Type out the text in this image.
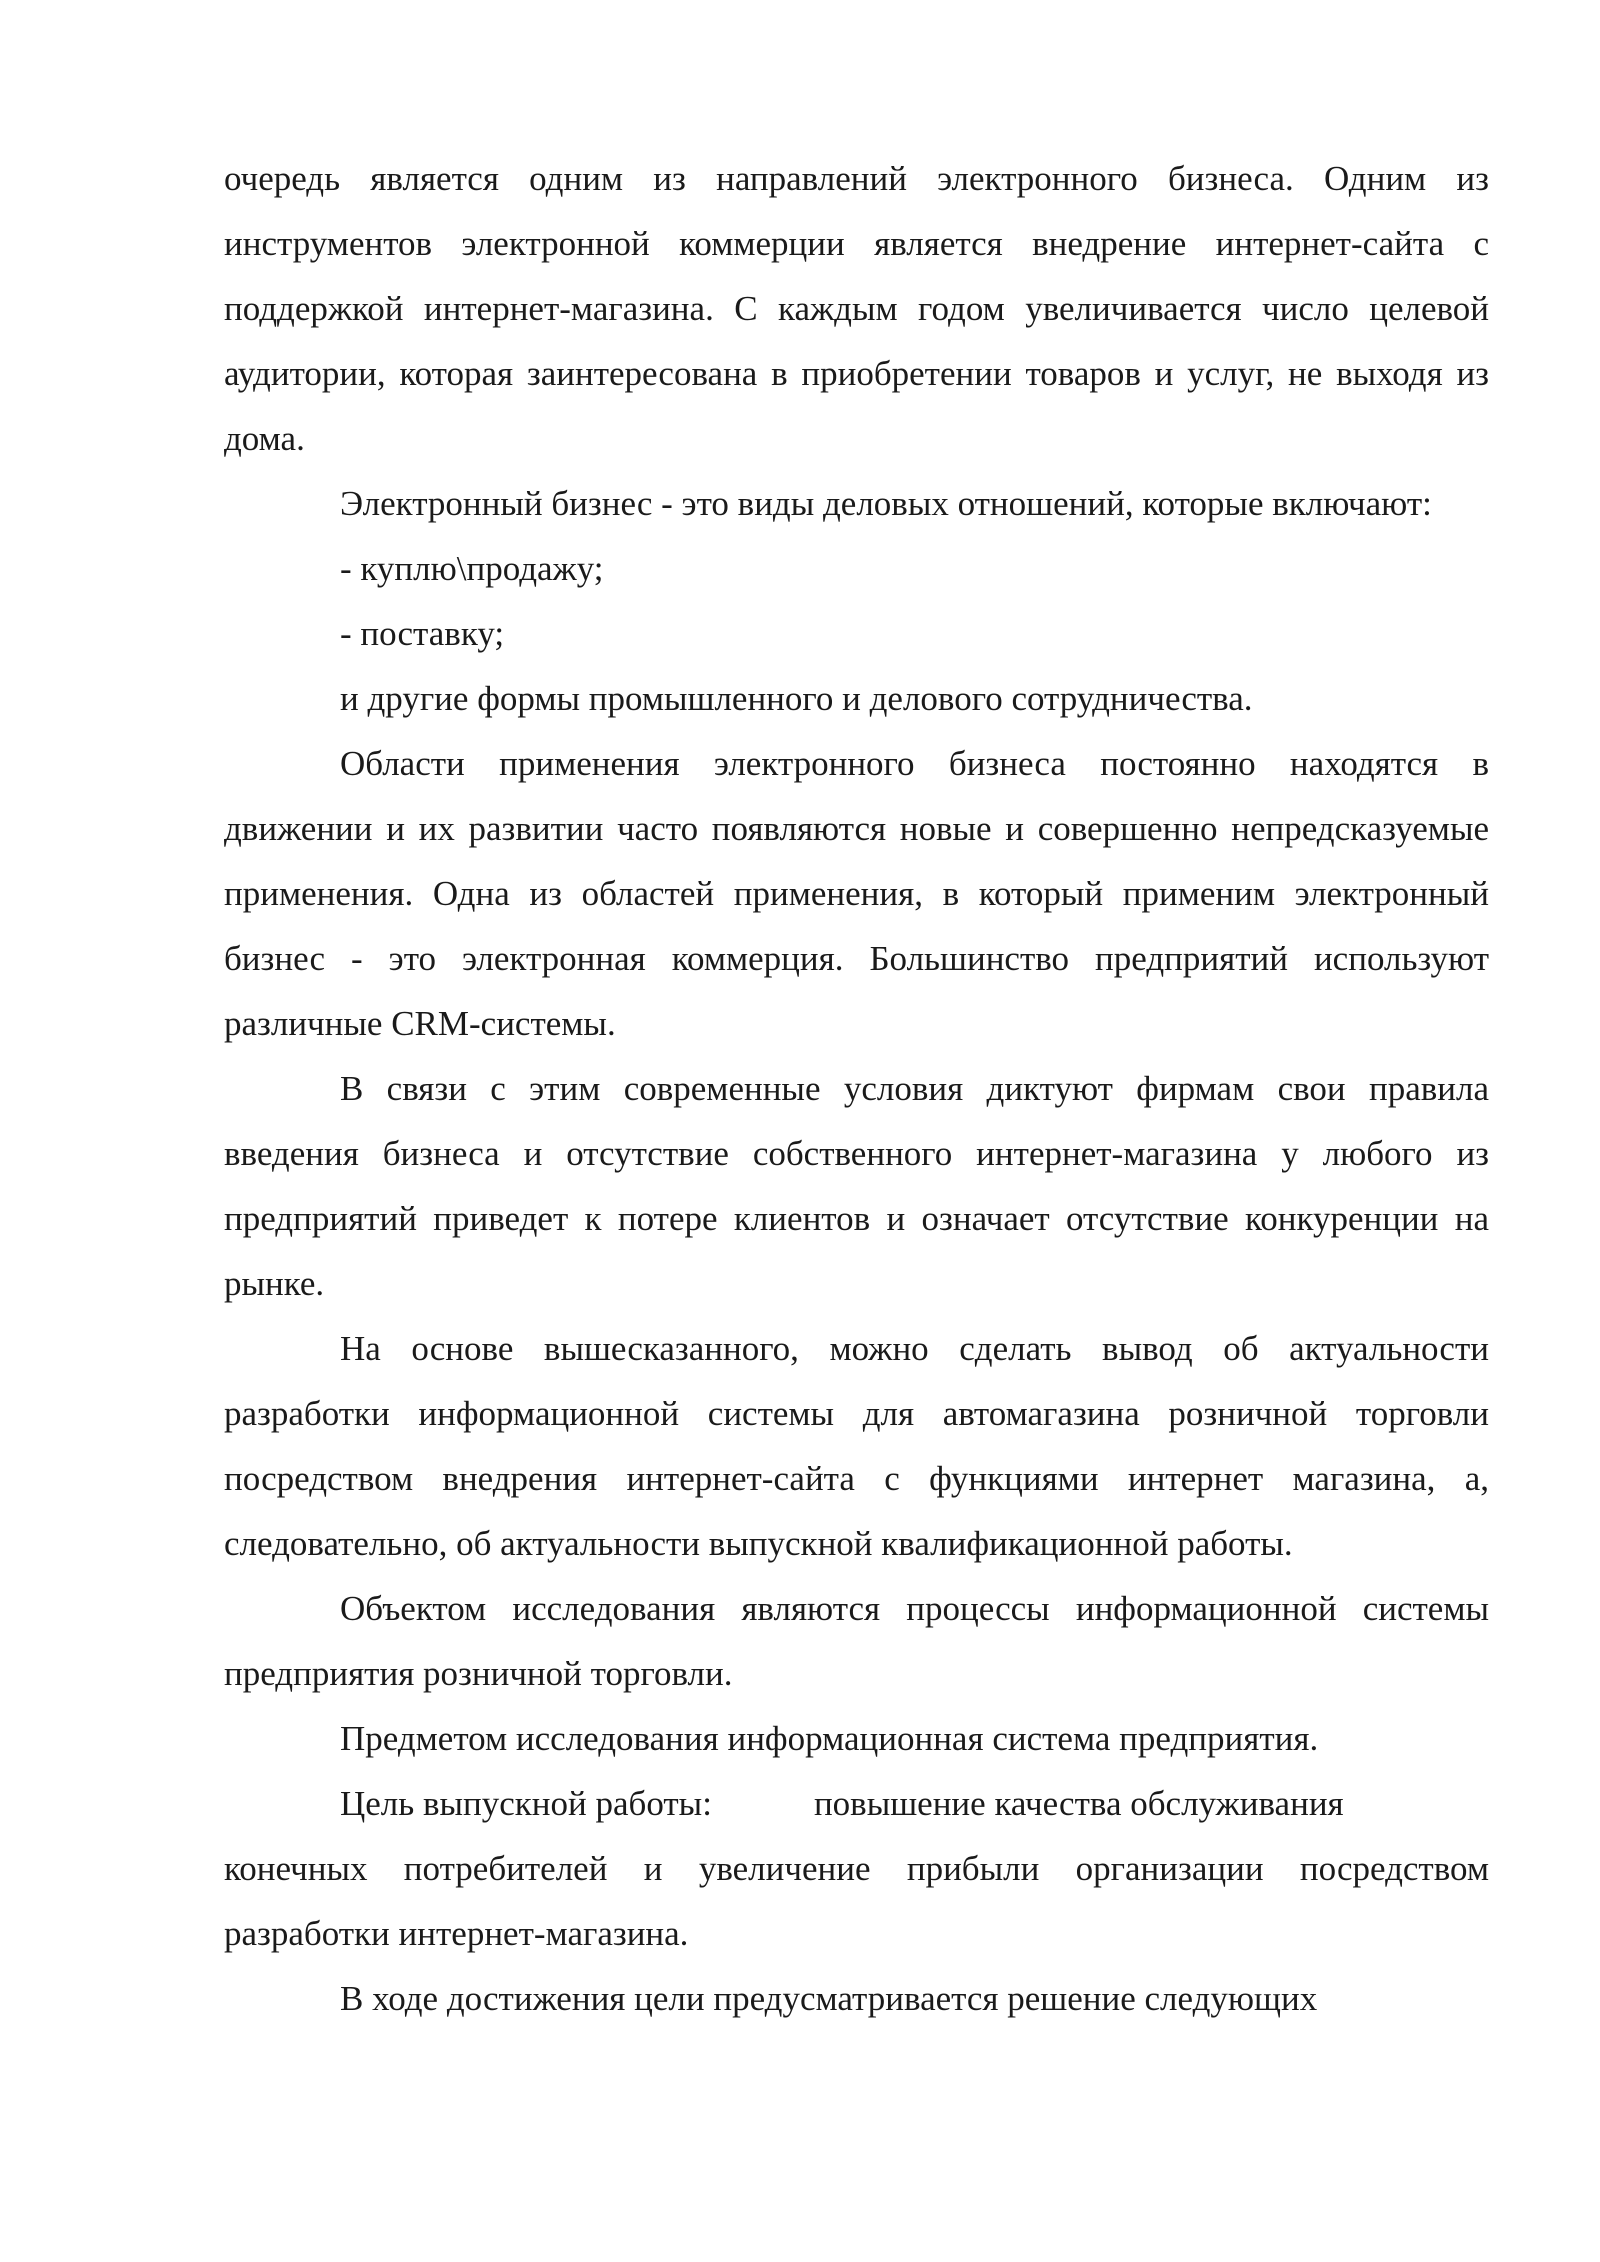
очередь является одним из направлений электронного бизнеса. Одним из инструментов электронной коммерции является внедрение интернет-сайта с поддержкой интернет-магазина. С каждым годом увеличивается число целевой аудитории, которая заинтересована в приобретении товаров и услуг, не выходя из дома.

Электронный бизнес - это виды деловых отношений, которые включают:

- куплю\продажу;

- поставку;

и другие формы промышленного и делового сотрудничества.

Области применения электронного бизнеса постоянно находятся в движении и их развитии часто появляются новые и совершенно непредсказуемые применения. Одна из областей применения, в который применим электронный бизнес - это электронная коммерция. Большинство предприятий используют различные CRM-системы.

В связи с этим современные условия диктуют фирмам свои правила введения бизнеса и отсутствие собственного интернет-магазина у любого из предприятий приведет к потере клиентов и означает отсутствие конкуренции на рынке.

На основе вышесказанного, можно сделать вывод об актуальности разработки информационной системы для автомагазина розничной торговли посредством внедрения интернет-сайта с функциями интернет магазина, а, следовательно, об актуальности выпускной квалификационной работы.

Объектом исследования являются процессы информационной системы предприятия розничной торговли.

Предметом исследования информационная система предприятия.

Цель выпускной работы:	повышение качества обслуживания

конечных потребителей и увеличение прибыли организации посредством разработки интернет-магазина.

В ходе достижения цели предусматривается решение следующих
